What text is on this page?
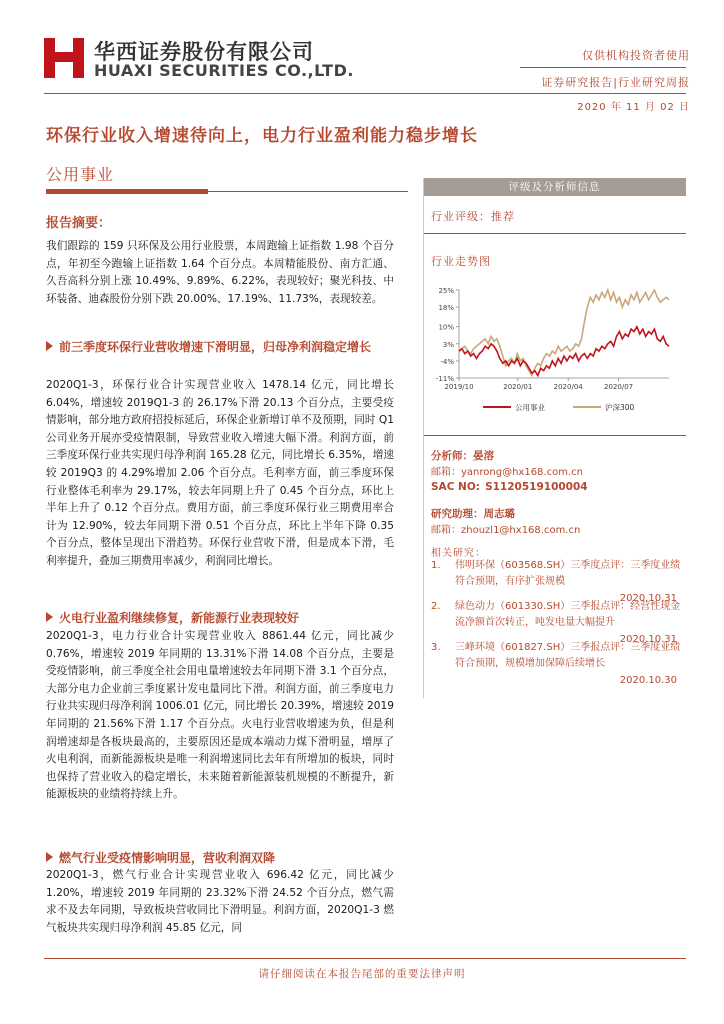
华西证券股份有限公司
HUAXI SECURITIES CO.,LTD.
仅供机构投资者使用
证券研究报告|行业研究周报
2020 年 11 月 02 日
环保行业收入增速待向上，电力行业盈利能力稳步增长
公用事业
报告摘要：
我们跟踪的 159 只环保及公用行业股票，本周跑输上证指数 1.98 个百分点，年初至今跑输上证指数 1.64 个百分点。本周精能股份、南方汇通、久吾高科分别上涨 10.49%、9.89%、6.22%，表现较好；聚光科技、中环装备、迪森股份分别下跌 20.00%、17.19%、11.73%，表现较差。
前三季度环保行业营收增速下滑明显，归母净利润稳定增长
2020Q1-3，环保行业合计实现营业收入 1478.14 亿元，同比增长 6.04%，增速较 2019Q1-3 的 26.17%下滑 20.13 个百分点，主要受疫情影响，部分地方政府招投标延后，环保企业新增订单不及预期，同时 Q1 公司业务开展亦受疫情限制，导致营业收入增速大幅下滑。利润方面，前三季度环保行业共实现归母净利润 165.28 亿元，同比增长 6.35%，增速较 2019Q3 的 4.29%增加 2.06 个百分点。毛利率方面，前三季度环保行业整体毛利率为 29.17%，较去年同期上升了 0.45 个百分点，环比上半年上升了 0.12 个百分点。费用方面，前三季度环保行业三期费用率合计为 12.90%，较去年同期下滑 0.51 个百分点，环比上半年下降 0.35 个百分点，整体呈现出下滑趋势。环保行业营收下滑，但是成本下滑，毛利率提升，叠加三期费用率减少，利润同比增长。
火电行业盈利继续修复，新能源行业表现较好
2020Q1-3，电力行业合计实现营业收入 8861.44 亿元，同比减少 0.76%，增速较 2019 年同期的 13.31%下滑 14.08 个百分点，主要是受疫情影响，前三季度全社会用电量增速较去年同期下滑 3.1 个百分点，大部分电力企业前三季度累计发电量同比下滑。利润方面，前三季度电力行业共实现归母净利润 1006.01 亿元，同比增长 20.39%，增速较 2019 年同期的 21.56%下滑 1.17 个百分点。火电行业营收增速为负，但是利润增速却是各板块最高的，主要原因还是成本端动力煤下滑明显，增厚了火电利润，而新能源板块是唯一利润增速同比去年有所增加的板块，同时也保持了营业收入的稳定增长，未来随着新能源装机规模的不断提升，新能源板块的业绩将持续上升。
燃气行业受疫情影响明显，营收利润双降
2020Q1-3，燃气行业合计实现营业收入 696.42 亿元，同比减少 1.20%，增速较 2019 年同期的 23.32%下滑 24.52 个百分点，燃气需求不及去年同期，导致板块营收同比下滑明显。利润方面，2020Q1-3 燃气板块共实现归母净利润 45.85 亿元，同
评级及分析师信息
行业评级：推荐
行业走势图
25%
18%
10%
3%
-4%
-11%
2019/10	2020/01	2020/04	2020/07
公用事业	沪深300
分析师：晏溶
邮箱：yanrong@hx168.com.cn
SAC NO: S1120519100004
研究助理：周志璐
邮箱：zhouzl1@hx168.com.cn
相关研究：
1.	伟明环保（603568.SH）三季度点评：三季度业绩符合预期，有序扩张规模
2020.10.31
2.	绿色动力（601330.SH）三季报点评：经营性现金流净额首次转正，吨发电量大幅提升
2020.10.31
3.	三峰环境（601827.SH）三季报点评：三季度业绩符合预期，规模增加保障后续增长
2020.10.30
请仔细阅读在本报告尾部的重要法律声明
